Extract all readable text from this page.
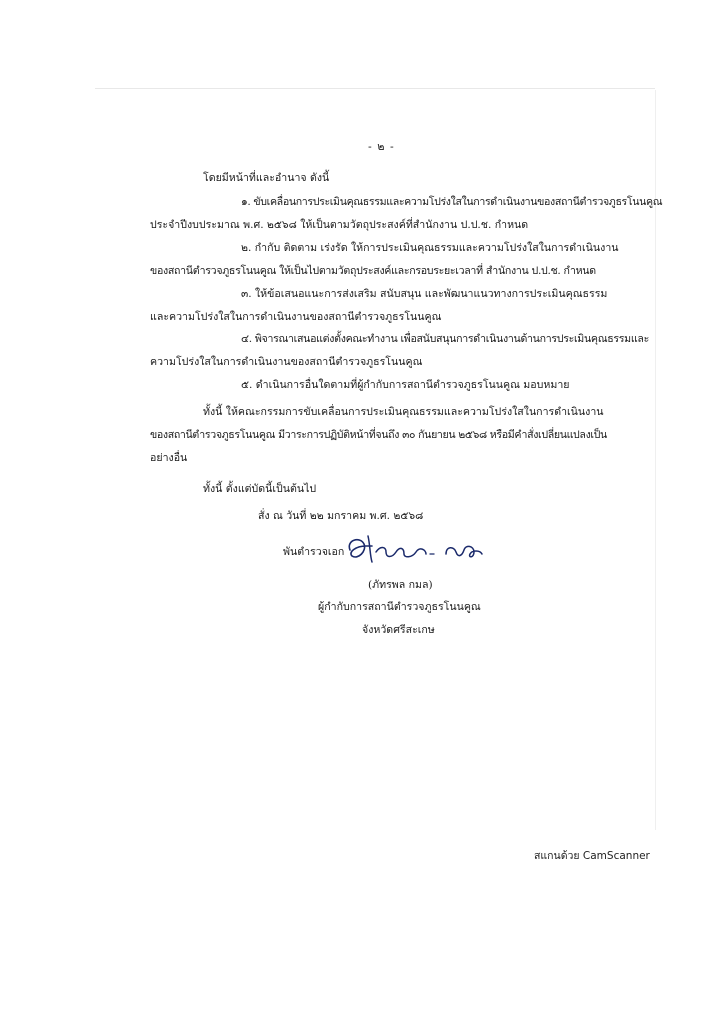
- ๒ -
โดยมีหน้าที่และอำนาจ ดังนี้
๑. ขับเคลื่อนการประเมินคุณธรรมและความโปร่งใสในการดำเนินงานของสถานีตำรวจภูธรโนนคูณ
ประจำปีงบประมาณ พ.ศ. ๒๕๖๘ ให้เป็นตามวัตถุประสงค์ที่สำนักงาน ป.ป.ช. กำหนด
๒. กำกับ ติดตาม เร่งรัด ให้การประเมินคุณธรรมและความโปร่งใสในการดำเนินงาน
ของสถานีตำรวจภูธรโนนคูณ ให้เป็นไปตามวัตถุประสงค์และกรอบระยะเวลาที่ สำนักงาน ป.ป.ช. กำหนด
๓. ให้ข้อเสนอแนะการส่งเสริม สนับสนุน และพัฒนาแนวทางการประเมินคุณธรรม
และความโปร่งใสในการดำเนินงานของสถานีตำรวจภูธรโนนคูณ
๔. พิจารณาเสนอแต่งตั้งคณะทำงาน เพื่อสนับสนุนการดำเนินงานด้านการประเมินคุณธรรมและ
ความโปร่งใสในการดำเนินงานของสถานีตำรวจภูธรโนนคูณ
๕. ดำเนินการอื่นใดตามที่ผู้กำกับการสถานีตำรวจภูธรโนนคูณ มอบหมาย
ทั้งนี้ ให้คณะกรรมการขับเคลื่อนการประเมินคุณธรรมและความโปร่งใสในการดำเนินงาน
ของสถานีตำรวจภูธรโนนคูณ มีวาระการปฏิบัติหน้าที่จนถึง ๓๐ กันยายน ๒๕๖๘ หรือมีคำสั่งเปลี่ยนแปลงเป็น
อย่างอื่น
ทั้งนี้ ตั้งแต่บัดนี้เป็นต้นไป
สั่ง ณ วันที่ ๒๒ มกราคม พ.ศ. ๒๕๖๘
พันตำรวจเอก
(ภัทรพล กมล)
ผู้กำกับการสถานีตำรวจภูธรโนนคูณ
จังหวัดศรีสะเกษ
สแกนด้วย CamScanner
